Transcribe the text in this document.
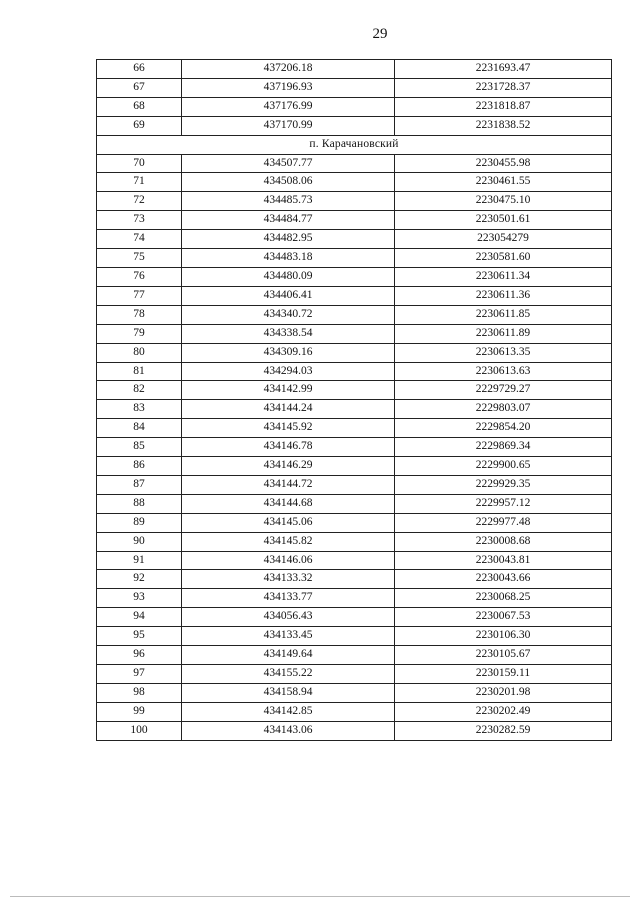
29
66	437206.18	2231693.47
67	437196.93	2231728.37
68	437176.99	2231818.87
69	437170.99	2231838.52
п. Карачановский		
70	434507.77	2230455.98
71	434508.06	2230461.55
72	434485.73	2230475.10
73	434484.77	2230501.61
74	434482.95	223054279
75	434483.18	2230581.60
76	434480.09	2230611.34
77	434406.41	2230611.36
78	434340.72	2230611.85
79	434338.54	2230611.89
80	434309.16	2230613.35
81	434294.03	2230613.63
82	434142.99	2229729.27
83	434144.24	2229803.07
84	434145.92	2229854.20
85	434146.78	2229869.34
86	434146.29	2229900.65
87	434144.72	2229929.35
88	434144.68	2229957.12
89	434145.06	2229977.48
90	434145.82	2230008.68
91	434146.06	2230043.81
92	434133.32	2230043.66
93	434133.77	2230068.25
94	434056.43	2230067.53
95	434133.45	2230106.30
96	434149.64	2230105.67
97	434155.22	2230159.11
98	434158.94	2230201.98
99	434142.85	2230202.49
100	434143.06	2230282.59
